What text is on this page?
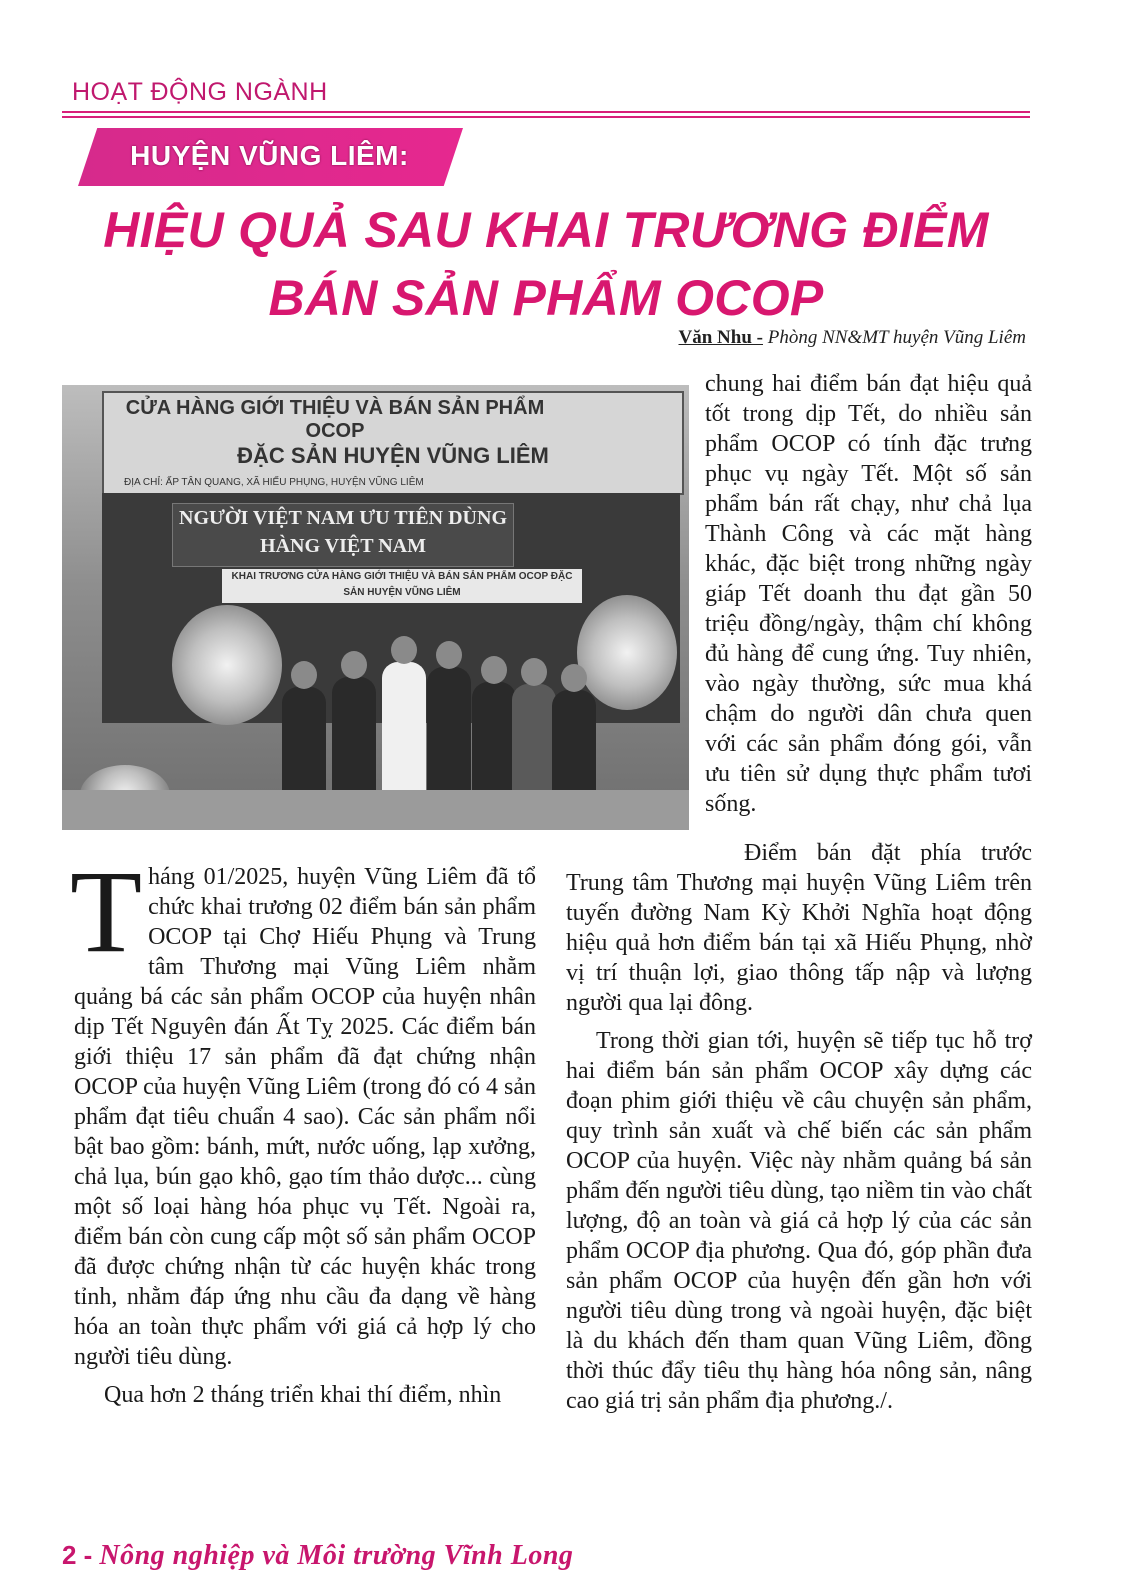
HOẠT ĐỘNG NGÀNH
HUYỆN VŨNG LIÊM:
HIỆU QUẢ SAU KHAI TRƯƠNG ĐIỂM BÁN SẢN PHẨM OCOP
Văn Nhu - Phòng NN&MT huyện Vũng Liêm
CỬA HÀNG GIỚI THIỆU VÀ BÁN SẢN PHẨM OCOP
ĐẶC SẢN HUYỆN VŨNG LIÊM
ĐỊA CHỈ: ẤP TÂN QUANG, XÃ HIẾU PHỤNG, HUYỆN VŨNG LIÊM
NGƯỜI VIỆT NAM ƯU TIÊN DÙNG HÀNG VIỆT NAM
KHAI TRƯƠNG CỬA HÀNG GIỚI THIỆU VÀ BÁN SẢN PHẨM OCOP ĐẶC SẢN HUYỆN VŨNG LIÊM

chung hai điểm bán đạt hiệu quả tốt trong dịp Tết, do nhiều sản phẩm OCOP có tính đặc trưng phục vụ ngày Tết. Một số sản phẩm bán rất chạy, như chả lụa Thành Công và các mặt hàng khác, đặc biệt trong những ngày giáp Tết doanh thu đạt gần 50 triệu đồng/ngày, thậm chí không đủ hàng để cung ứng. Tuy nhiên, vào ngày thường, sức mua khá chậm do người dân chưa quen với các sản phẩm đóng gói, vẫn ưu tiên sử dụng thực phẩm tươi sống.

Điểm bán đặt phía trước Trung tâm Thương mại huyện Vũng Liêm trên tuyến đường Nam Kỳ Khởi Nghĩa hoạt động hiệu quả hơn điểm bán tại xã Hiếu Phụng, nhờ vị trí thuận lợi, giao thông tấp nập và lượng người qua lại đông.

Trong thời gian tới, huyện sẽ tiếp tục hỗ trợ hai điểm bán sản phẩm OCOP xây dựng các đoạn phim giới thiệu về câu chuyện sản phẩm, quy trình sản xuất và chế biến các sản phẩm OCOP của huyện. Việc này nhằm quảng bá sản phẩm đến người tiêu dùng, tạo niềm tin vào chất lượng, độ an toàn và giá cả hợp lý của các sản phẩm OCOP địa phương. Qua đó, góp phần đưa sản phẩm OCOP của huyện đến gần hơn với người tiêu dùng trong và ngoài huyện, đặc biệt là du khách đến tham quan Vũng Liêm, đồng thời thúc đẩy tiêu thụ hàng hóa nông sản, nâng cao giá trị sản phẩm địa phương./.

Tháng 01/2025, huyện Vũng Liêm đã tổ chức khai trương 02 điểm bán sản phẩm OCOP tại Chợ Hiếu Phụng và Trung tâm Thương mại Vũng Liêm nhằm quảng bá các sản phẩm OCOP của huyện nhân dịp Tết Nguyên đán Ất Tỵ 2025. Các điểm bán giới thiệu 17 sản phẩm đã đạt chứng nhận OCOP của huyện Vũng Liêm (trong đó có 4 sản phẩm đạt tiêu chuẩn 4 sao). Các sản phẩm nổi bật bao gồm: bánh, mứt, nước uống, lạp xưởng, chả lụa, bún gạo khô, gạo tím thảo dược... cùng một số loại hàng hóa phục vụ Tết. Ngoài ra, điểm bán còn cung cấp một số sản phẩm OCOP đã được chứng nhận từ các huyện khác trong tỉnh, nhằm đáp ứng nhu cầu đa dạng về hàng hóa an toàn thực phẩm với giá cả hợp lý cho người tiêu dùng.

Qua hơn 2 tháng triển khai thí điểm, nhìn

2 - Nông nghiệp và Môi trường Vĩnh Long
